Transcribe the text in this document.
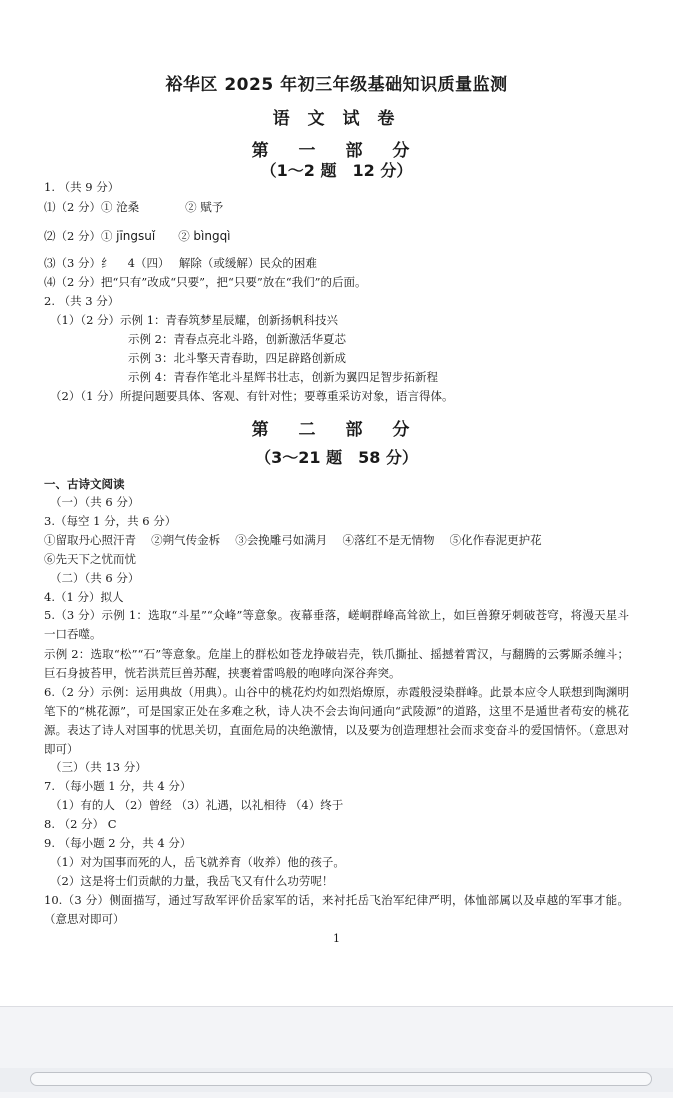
裕华区 2025 年初三年级基础知识质量监测
语 文 试 卷
第 一 部 分
（1～2 题　12 分）
1. （共 9 分）
⑴（2 分）① 沧桑　　　　② 赋予
⑵（2 分）① jīngsuǐ　　② bìngqì
⑶（3 分）纟　 4（四）　 解除（或缓解）民众的困难
⑷（2 分）把“只有”改成“只要”，把“只要”放在“我们”的后面。
2. （共 3 分）
（1）（2 分）示例 1：青春筑梦星辰耀，创新扬帆科技兴
示例 2：青春点亮北斗路，创新激活华夏芯
示例 3：北斗擎天青春助，四足辟路创新成
示例 4：青春作笔北斗星辉书壮志，创新为翼四足智步拓新程
（2）（1 分）所提问题要具体、客观、有针对性；要尊重采访对象，语言得体。
第 二 部 分
（3～21 题　58 分）
一、古诗文阅读
（一）（共 6 分）
3.（每空 1 分，共 6 分）
①留取丹心照汗青　 ②朔气传金柝　 ③会挽雕弓如满月　 ④落红不是无情物　 ⑤化作春泥更护花
⑥先天下之忧而忧
（二）（共 6 分）
4.（1 分）拟人
5.（3 分）示例 1：选取“斗星”“众峰”等意象。夜幕垂落，嵯峒群峰高耸欲上，如巨兽獠牙刺破苍穹，将漫天星斗一口吞噬。
示例 2：选取“松”“石”等意象。危崖上的群松如苍龙挣破岩壳，铁爪撕扯、摇撼着霄汉，与翻腾的云雾厮杀缠斗；巨石身披苔甲，恍若洪荒巨兽苏醒，挟裹着雷鸣般的咆哮向深谷奔突。
6.（2 分）示例：运用典故（用典）。山谷中的桃花灼灼如烈焰燎原，赤霞般浸染群峰。此景本应令人联想到陶渊明笔下的“桃花源”，可是国家正处在多难之秋，诗人决不会去询问通向“武陵源”的道路，这里不是遁世者苟安的桃花源。表达了诗人对国事的忧思关切，直面危局的决绝激情，以及要为创造理想社会而求变奋斗的爱国情怀。（意思对即可）
（三）（共 13 分）
7. （每小题 1 分，共 4 分）
（1）有的人 （2）曾经 （3）礼遇，以礼相待 （4）终于
8. （2 分） C
9. （每小题 2 分，共 4 分）
（1）对为国事而死的人，岳飞就养育（收养）他的孩子。
（2）这是将士们贡献的力量，我岳飞又有什么功劳呢！
10.（3 分）侧面描写，通过写敌军评价岳家军的话，来衬托岳飞治军纪律严明，体恤部属以及卓越的军事才能。（意思对即可）
1
